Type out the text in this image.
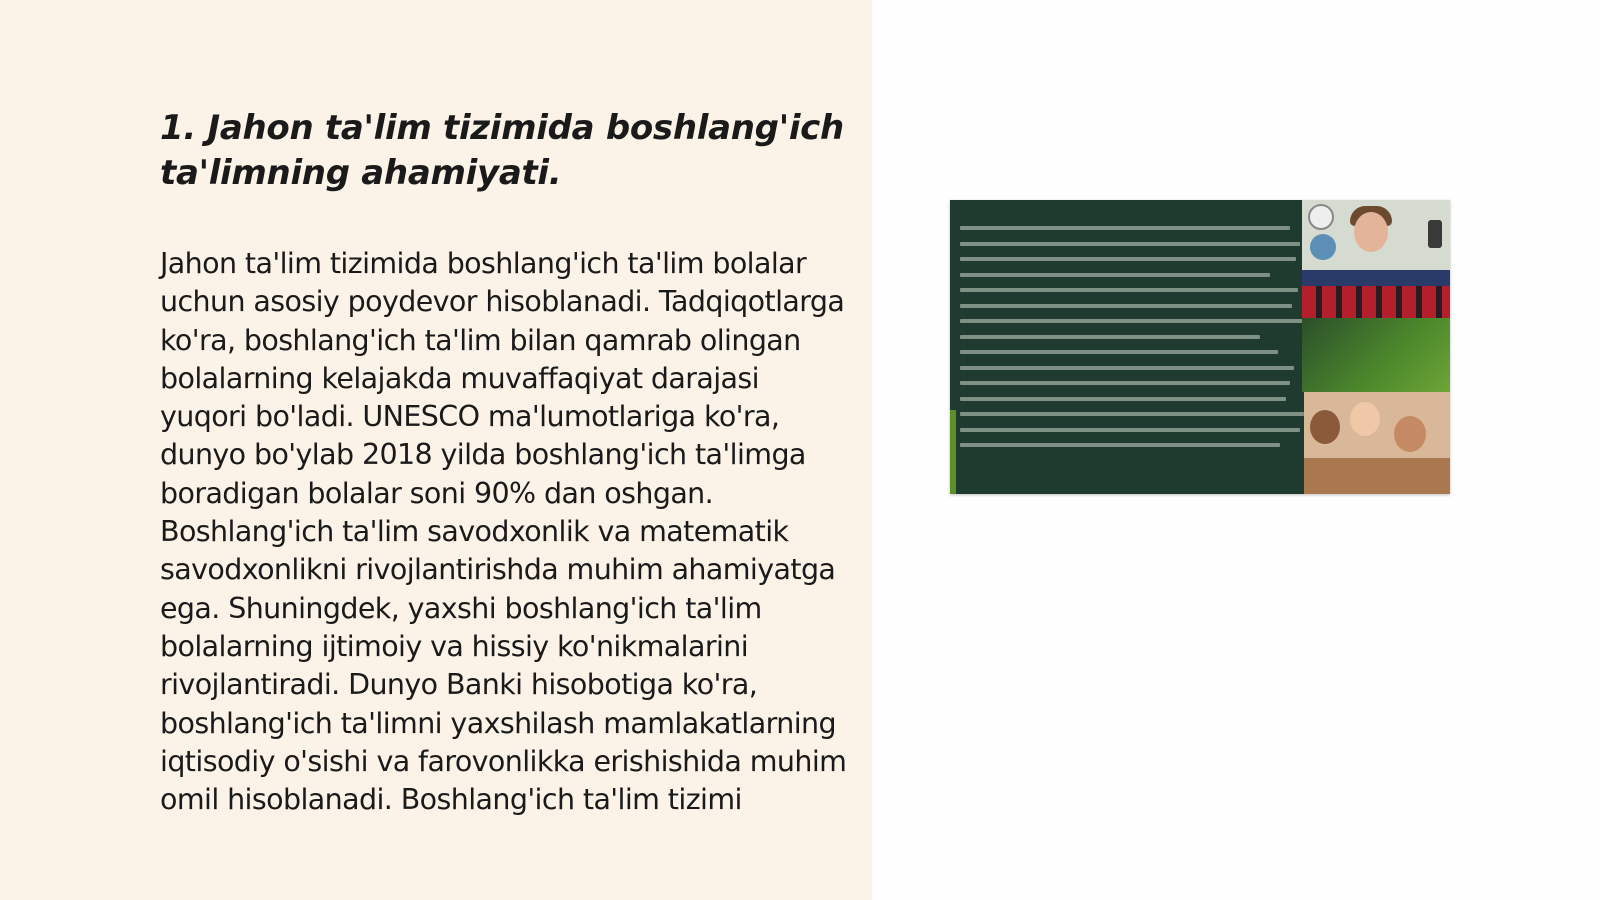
1. Jahon ta'lim tizimida boshlang'ich ta'limning ahamiyati.

Jahon ta'lim tizimida boshlang'ich ta'lim bolalar uchun asosiy poydevor hisoblanadi. Tadqiqotlarga ko'ra, boshlang'ich ta'lim bilan qamrab olingan bolalarning kelajakda muvaffaqiyat darajasi yuqori bo'ladi. UNESCO ma'lumotlariga ko'ra, dunyo bo'ylab 2018 yilda boshlang'ich ta'limga boradigan bolalar soni 90% dan oshgan. Boshlang'ich ta'lim savodxonlik va matematik savodxonlikni rivojlantirishda muhim ahamiyatga ega. Shuningdek, yaxshi boshlang'ich ta'lim bolalarning ijtimoiy va hissiy ko'nikmalarini rivojlantiradi. Dunyo Banki hisobotiga ko'ra, boshlang'ich ta'limni yaxshilash mamlakatlarning iqtisodiy o'sishi va farovonlikka erishishida muhim omil hisoblanadi. Boshlang'ich ta'lim tizimi
